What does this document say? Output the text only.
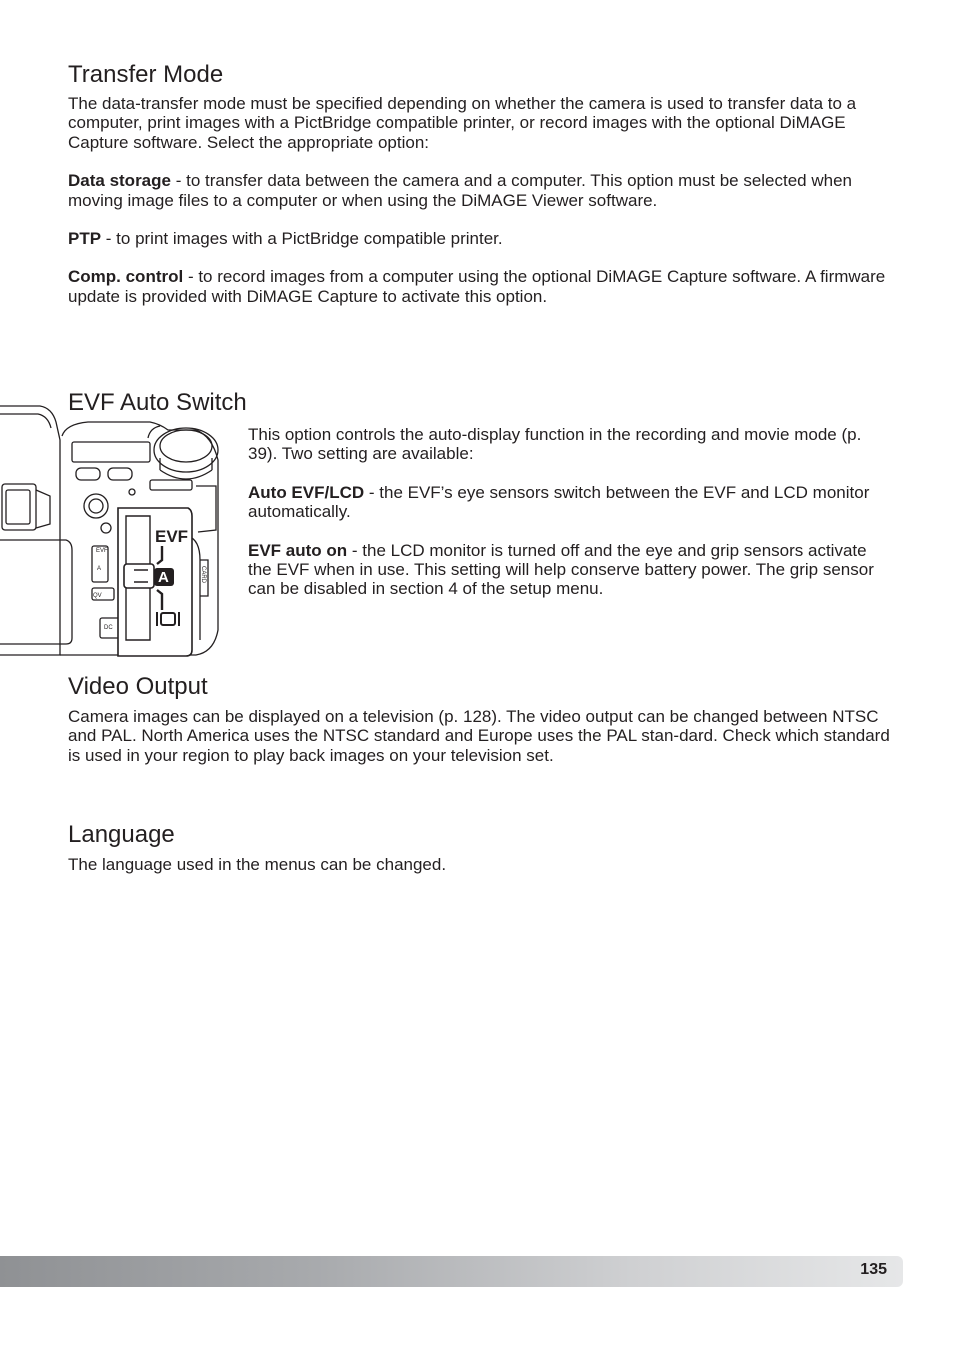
Transfer Mode

The data-transfer mode must be specified depending on whether the camera is used to transfer data to a computer, print images with a PictBridge compatible printer, or record images with the optional DiMAGE Capture software. Select the appropriate option:

Data storage - to transfer data between the camera and a computer. This option must be selected when moving image files to a computer or when using the DiMAGE Viewer software.

PTP - to print images with a PictBridge compatible printer.

Comp. control - to record images from a computer using the optional DiMAGE Capture software. A firmware update is provided with DiMAGE Capture to activate this option.

EVF Auto Switch
EVF
A
QV
DC
CARD
EVF
A

This option controls the auto-display function in the recording and movie mode (p. 39). Two setting are available:

Auto EVF/LCD - the EVF’s eye sensors switch between the EVF and LCD monitor automatically.

EVF auto on - the LCD monitor is turned off and the eye and grip sensors activate the EVF when in use. This setting will help conserve battery power. The grip sensor can be disabled in section 4 of the setup menu.

Video Output

Camera images can be displayed on a television (p. 128). The video output can be changed between NTSC and PAL. North America uses the NTSC standard and Europe uses the PAL stan-dard. Check which standard is used in your region to play back images on your television set.

Language

The language used in the menus can be changed.

135
